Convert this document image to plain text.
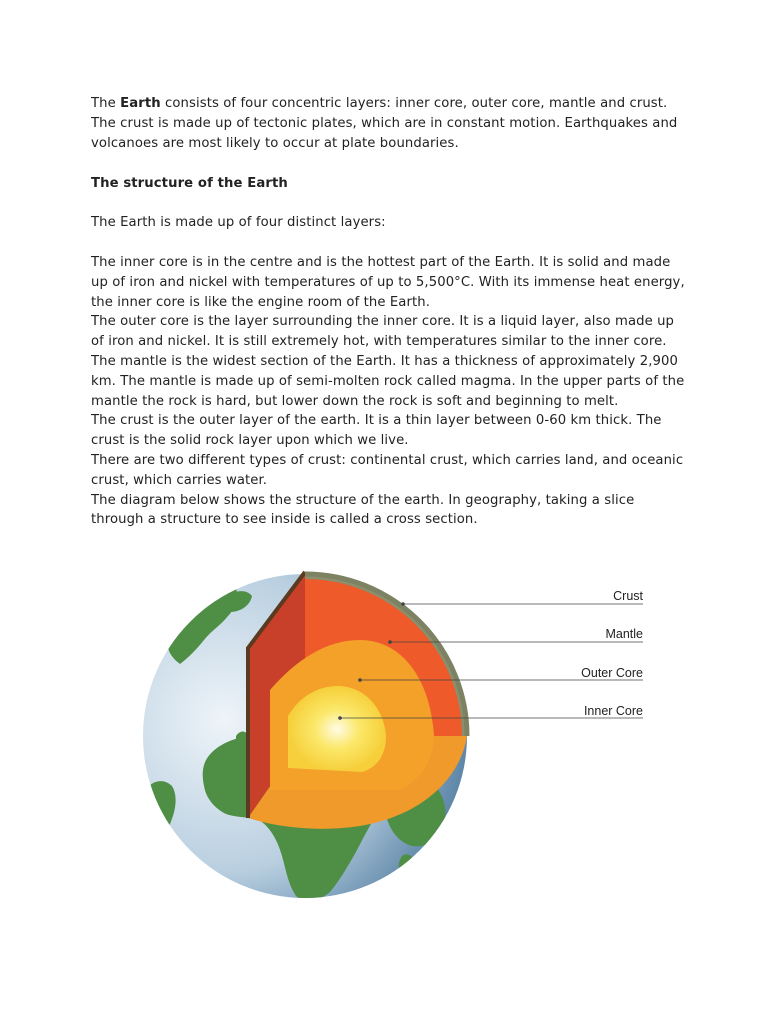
The Earth consists of four concentric layers: inner core, outer core, mantle and crust. The crust is made up of tectonic plates, which are in constant motion. Earthquakes and volcanoes are most likely to occur at plate boundaries.

The structure of the Earth
The Earth is made up of four distinct layers:

The inner core is in the centre and is the hottest part of the Earth. It is solid and made up of iron and nickel with temperatures of up to 5,500°C. With its immense heat energy, the inner core is like the engine room of the Earth.

The outer core is the layer surrounding the inner core. It is a liquid layer, also made up of iron and nickel. It is still extremely hot, with temperatures similar to the inner core.

The mantle is the widest section of the Earth. It has a thickness of approximately 2,900 km. The mantle is made up of semi-molten rock called magma. In the upper parts of the mantle the rock is hard, but lower down the rock is soft and beginning to melt.

The crust is the outer layer of the earth. It is a thin layer between 0-60 km thick. The crust is the solid rock layer upon which we live.

There are two different types of crust: continental crust, which carries land, and oceanic crust, which carries water.

The diagram below shows the structure of the earth. In geography, taking a slice through a structure to see inside is called a cross section.

Crust
Mantle
Outer Core
Inner Core
